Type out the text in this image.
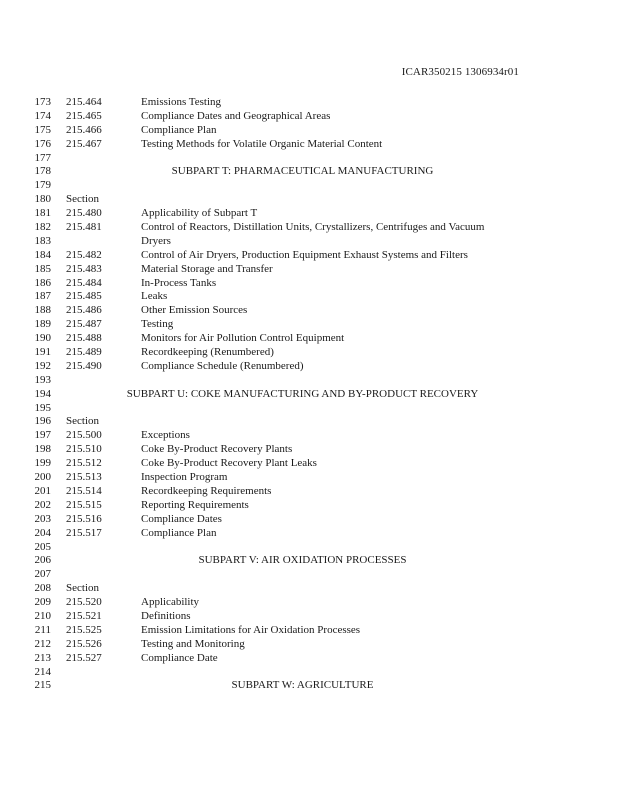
ICAR350215 1306934r01
173 215.464	Emissions Testing
174 215.465	Compliance Dates and Geographical Areas
175 215.466	Compliance Plan
176 215.467	Testing Methods for Volatile Organic Material Content
177
178	SUBPART T: PHARMACEUTICAL MANUFACTURING
179
180 Section
181 215.480	Applicability of Subpart T
182 215.481	Control of Reactors, Distillation Units, Crystallizers, Centrifuges and Vacuum
183	Dryers
184 215.482	Control of Air Dryers, Production Equipment Exhaust Systems and Filters
185 215.483	Material Storage and Transfer
186 215.484	In-Process Tanks
187 215.485	Leaks
188 215.486	Other Emission Sources
189 215.487	Testing
190 215.488	Monitors for Air Pollution Control Equipment
191 215.489	Recordkeeping (Renumbered)
192 215.490	Compliance Schedule (Renumbered)
193
194	SUBPART U: COKE MANUFACTURING AND BY-PRODUCT RECOVERY
195
196 Section
197 215.500	Exceptions
198 215.510	Coke By-Product Recovery Plants
199 215.512	Coke By-Product Recovery Plant Leaks
200 215.513	Inspection Program
201 215.514	Recordkeeping Requirements
202 215.515	Reporting Requirements
203 215.516	Compliance Dates
204 215.517	Compliance Plan
205
206	SUBPART V: AIR OXIDATION PROCESSES
207
208 Section
209 215.520	Applicability
210 215.521	Definitions
211 215.525	Emission Limitations for Air Oxidation Processes
212 215.526	Testing and Monitoring
213 215.527	Compliance Date
214
215	SUBPART W: AGRICULTURE
